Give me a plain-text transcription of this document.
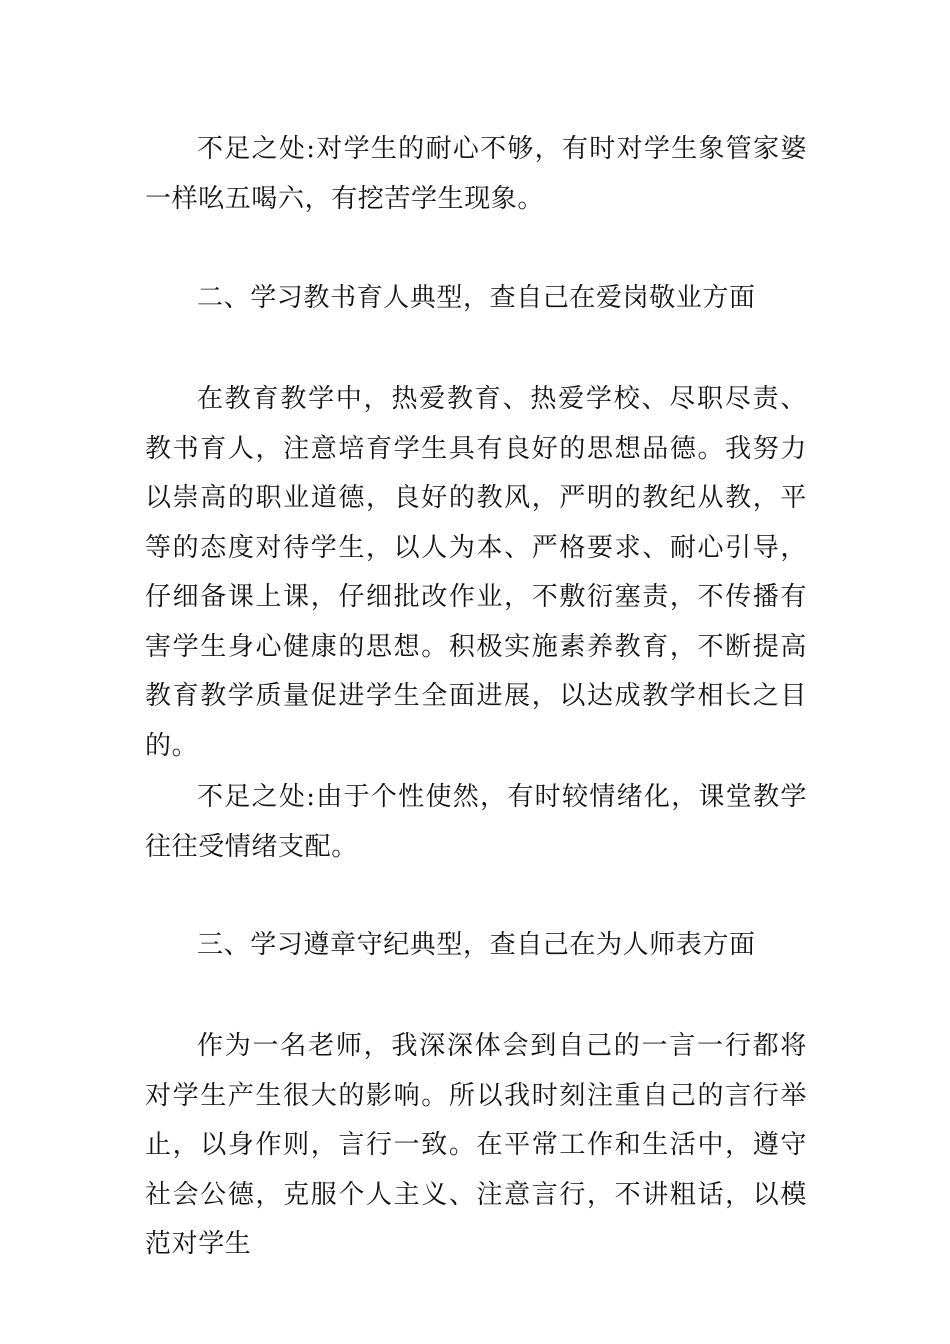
不足之处:对学生的耐心不够，有时对学生象管家婆一样吆五喝六，有挖苦学生现象。

二、学习教书育人典型，查自己在爱岗敬业方面

在教育教学中，热爱教育、热爱学校、尽职尽责、教书育人，注意培育学生具有良好的思想品德。我努力以崇高的职业道德，良好的教风，严明的教纪从教，平等的态度对待学生，以人为本、严格要求、耐心引导，仔细备课上课，仔细批改作业，不敷衍塞责，不传播有害学生身心健康的思想。积极实施素养教育，不断提高教育教学质量促进学生全面进展，以达成教学相长之目的。

不足之处:由于个性使然，有时较情绪化，课堂教学往往受情绪支配。

三、学习遵章守纪典型，查自己在为人师表方面

作为一名老师，我深深体会到自己的一言一行都将对学生产生很大的影响。所以我时刻注重自己的言行举止，以身作则，言行一致。在平常工作和生活中，遵守社会公德，克服个人主义、注意言行，不讲粗话，以模范对学生
